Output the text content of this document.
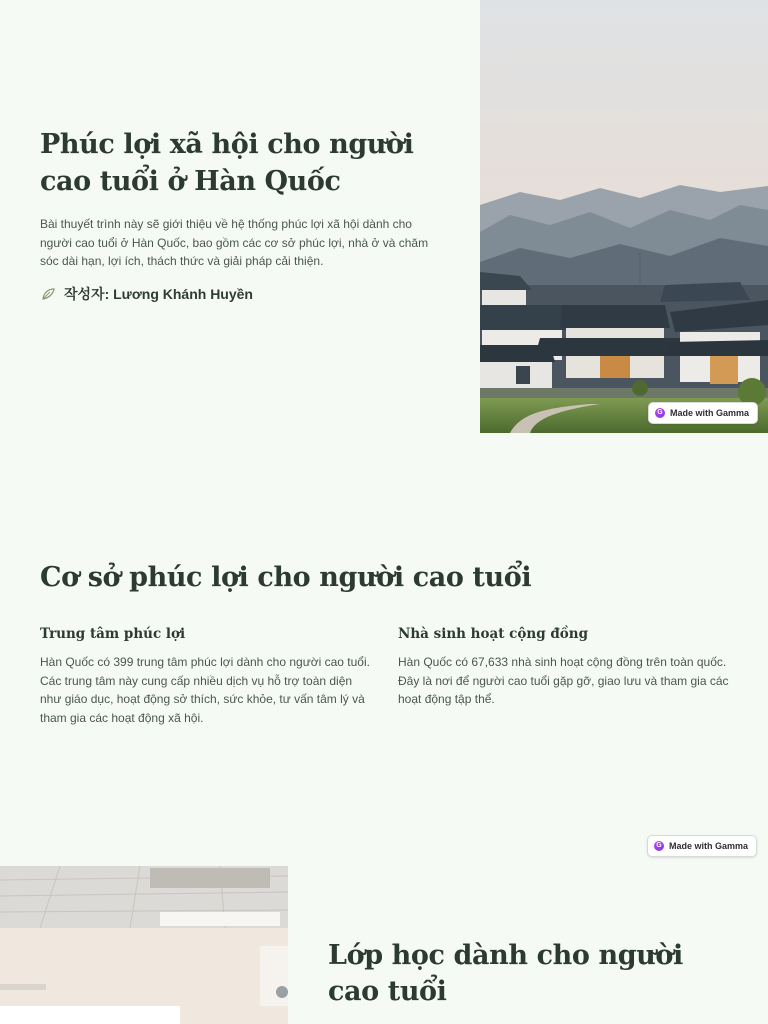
Phúc lợi xã hội cho người cao tuổi ở Hàn Quốc

Bài thuyết trình này sẽ giới thiệu về hệ thống phúc lợi xã hội dành cho người cao tuổi ở Hàn Quốc, bao gồm các cơ sở phúc lợi, nhà ở và chăm sóc dài hạn, lợi ích, thách thức và giải pháp cải thiện.

작성자: Lương Khánh Huyền
G Made with Gamma
Cơ sở phúc lợi cho người cao tuổi
Trung tâm phúc lợi

Hàn Quốc có 399 trung tâm phúc lợi dành cho người cao tuổi. Các trung tâm này cung cấp nhiều dịch vụ hỗ trợ toàn diện như giáo dục, hoạt động sở thích, sức khỏe, tư vấn tâm lý và tham gia các hoạt động xã hội.

Nhà sinh hoạt cộng đồng

Hàn Quốc có 67,633 nhà sinh hoạt cộng đồng trên toàn quốc. Đây là nơi để người cao tuổi gặp gỡ, giao lưu và tham gia các hoạt động tập thể.

G Made with Gamma
Lớp học dành cho người cao tuổi
